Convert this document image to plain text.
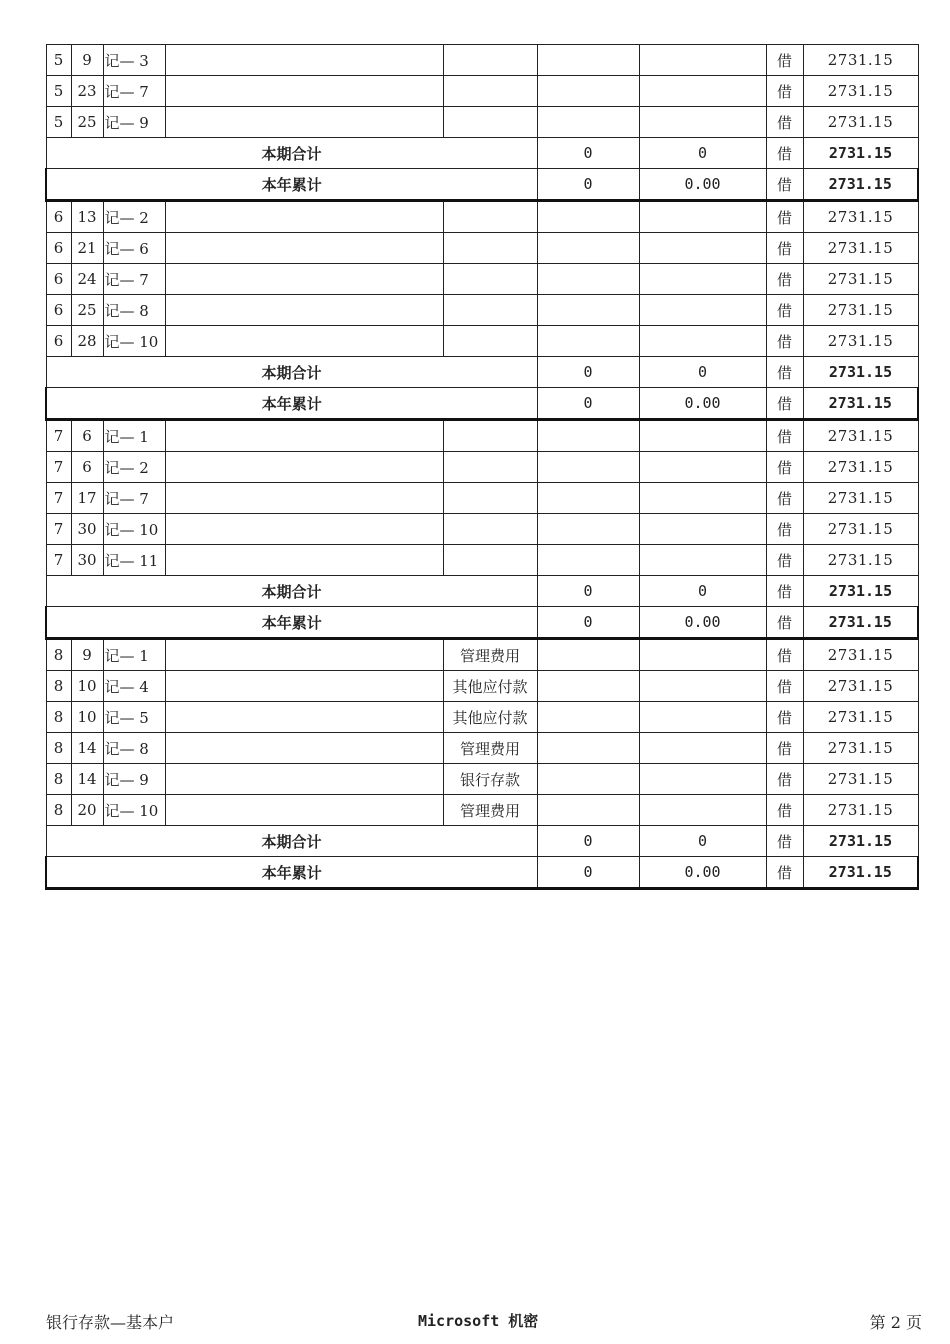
5	9	记— 3					借	2731.15
5	23	记— 7					借	2731.15
5	25	记— 9					借	2731.15
本期合计					0	0	借	2731.15
本年累计					0	0.00	借	2731.15
6	13	记— 2					借	2731.15
6	21	记— 6					借	2731.15
6	24	记— 7					借	2731.15
6	25	记— 8					借	2731.15
6	28	记— 10					借	2731.15
本期合计					0	0	借	2731.15
本年累计					0	0.00	借	2731.15
7	6	记— 1					借	2731.15
7	6	记— 2					借	2731.15
7	17	记— 7					借	2731.15
7	30	记— 10					借	2731.15
7	30	记— 11					借	2731.15
本期合计					0	0	借	2731.15
本年累计					0	0.00	借	2731.15
8	9	记— 1		管理费用			借	2731.15
8	10	记— 4		其他应付款			借	2731.15
8	10	记— 5		其他应付款			借	2731.15
8	14	记— 8		管理费用			借	2731.15
8	14	记— 9		银行存款			借	2731.15
8	20	记— 10		管理费用			借	2731.15
本期合计					0	0	借	2731.15
本年累计					0	0.00	借	2731.15
银行存款—基本户	Microsoft 机密	第 2 页
